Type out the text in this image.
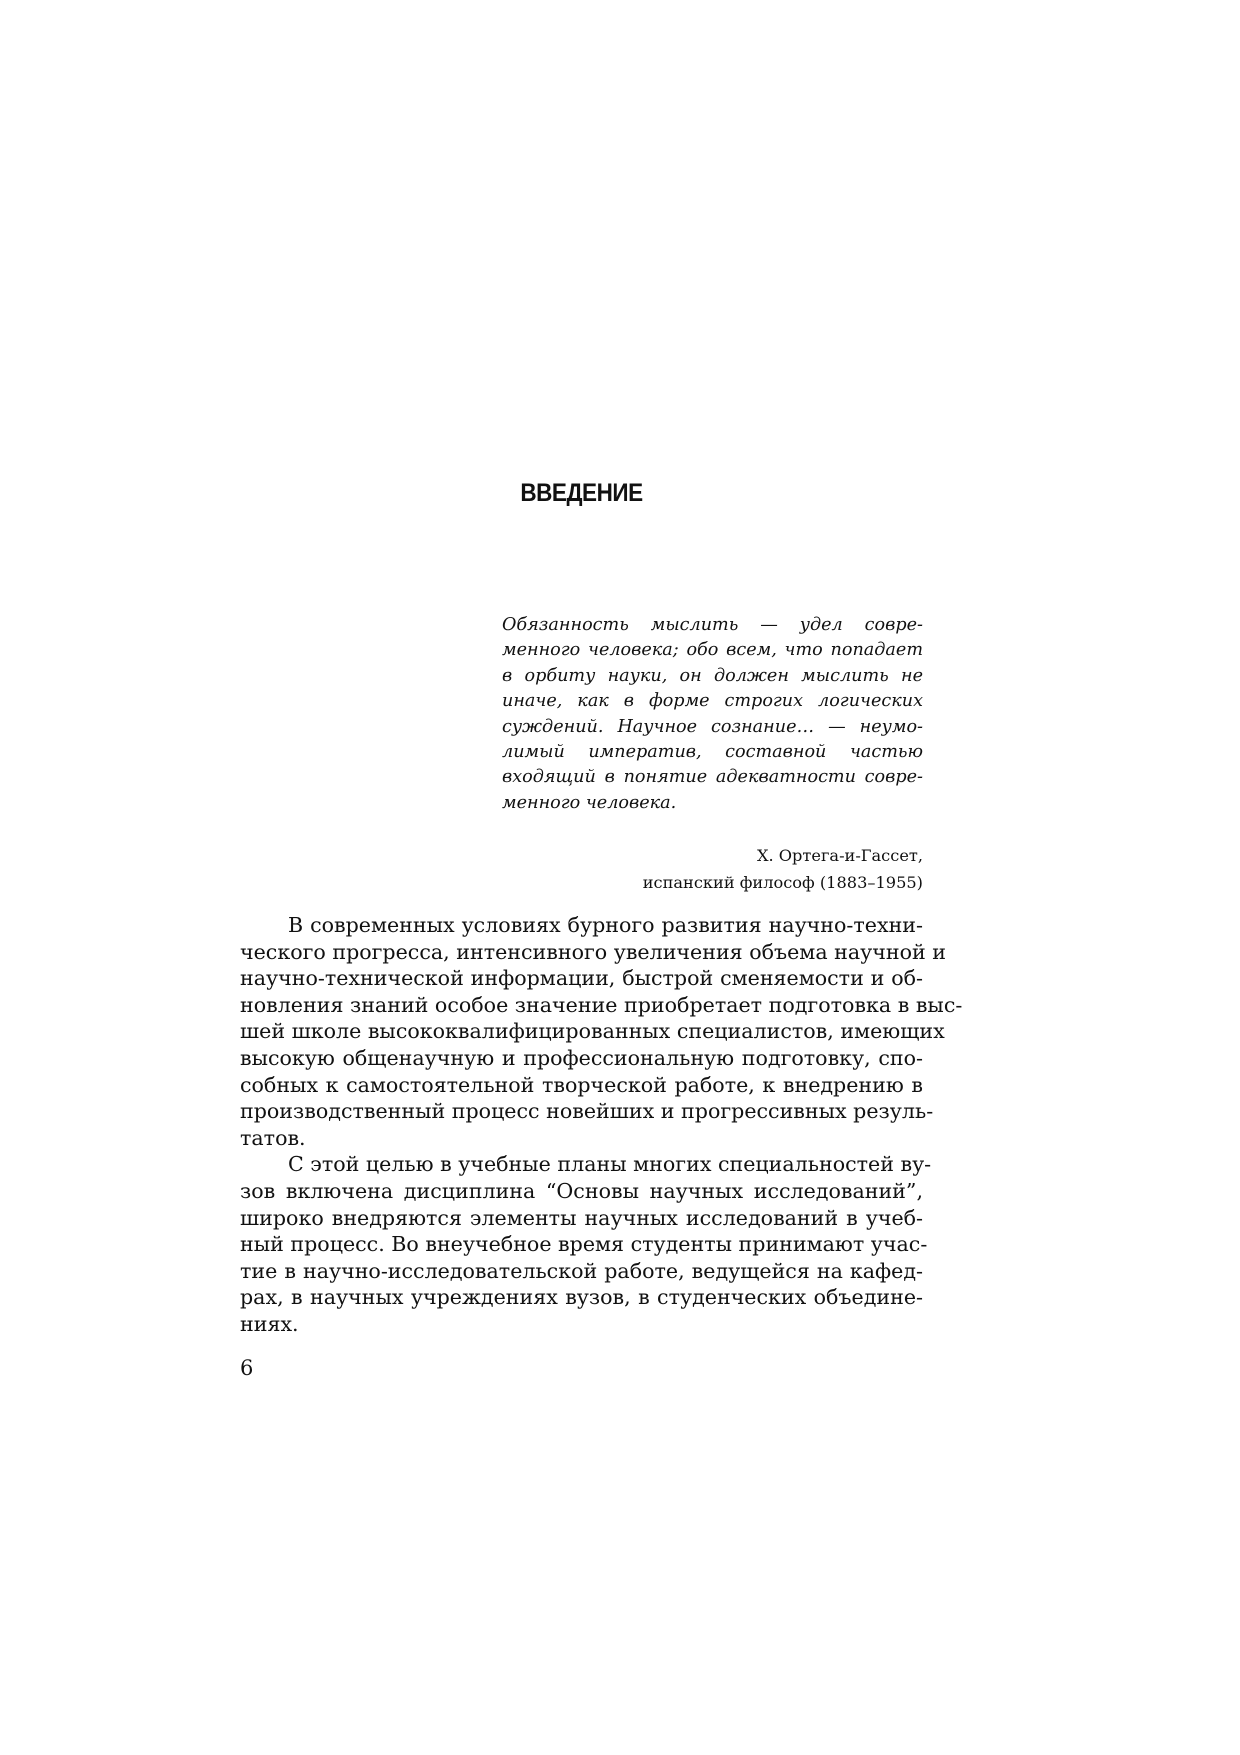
ВВЕДЕНИЕ
Обязанность мыслить — удел совре-
менного человека; обо всем, что попадает
в орбиту науки, он должен мыслить не
иначе, как в форме строгих логических
суждений. Научное сознание… — неумо-
лимый императив, составной частью
входящий в понятие адекватности совре-
менного человека.
Х. Ортега-и-Гассет,
испанский философ (1883–1955)
В современных условиях бурного развития научно-техни-
ческого прогресса, интенсивного увеличения объема научной и
научно-технической информации, быстрой сменяемости и об-
новления знаний особое значение приобретает подготовка в выс-
шей школе высококвалифицированных специалистов, имеющих
высокую общенаучную и профессиональную подготовку, спо-
собных к самостоятельной творческой работе, к внедрению в
производственный процесс новейших и прогрессивных резуль-
татов.
С этой целью в учебные планы многих специальностей ву-
зов включена дисциплина “Основы научных исследований”,
широко внедряются элементы научных исследований в учеб-
ный процесс. Во внеучебное время студенты принимают учас-
тие в научно-исследовательской работе, ведущейся на кафед-
рах, в научных учреждениях вузов, в студенческих объедине-
ниях.
6
